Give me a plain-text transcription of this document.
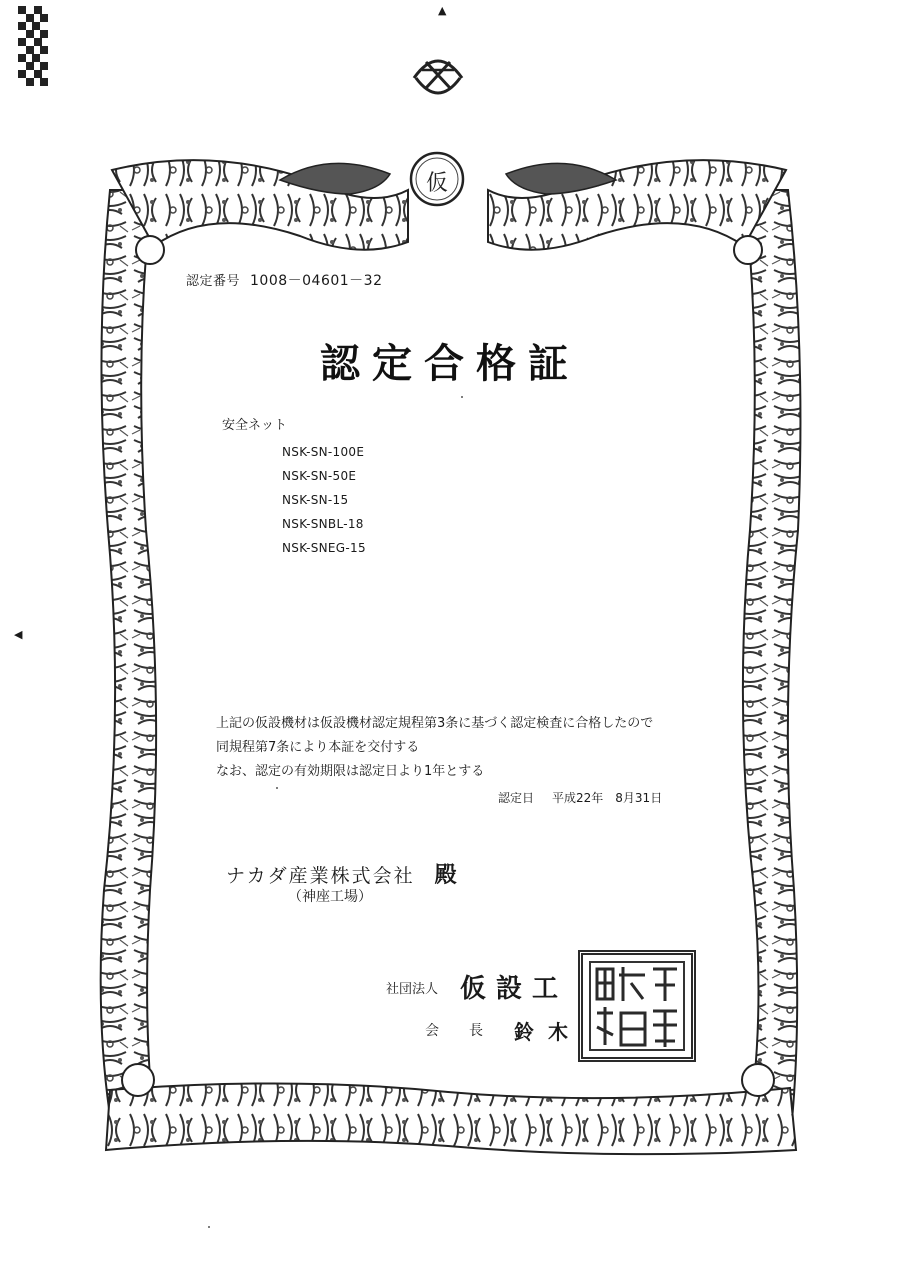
▲
◀
仮
認定番号 1008－04601－32
認定合格証
安全ネット
NSK-SN-100E
NSK-SN-50E
NSK-SN-15
NSK-SNBL-18
NSK-SNEG-15

上記の仮設機材は仮設機材認定規程第3条に基づく認定検査に合格したので

同規程第7条により本証を交付する

なお、認定の有効期限は認定日より1年とする

認定日 平成22年　8月31日
ナカダ産業株式会社 殿
（神座工場）
社団法人 仮設工
会長 鈴木
